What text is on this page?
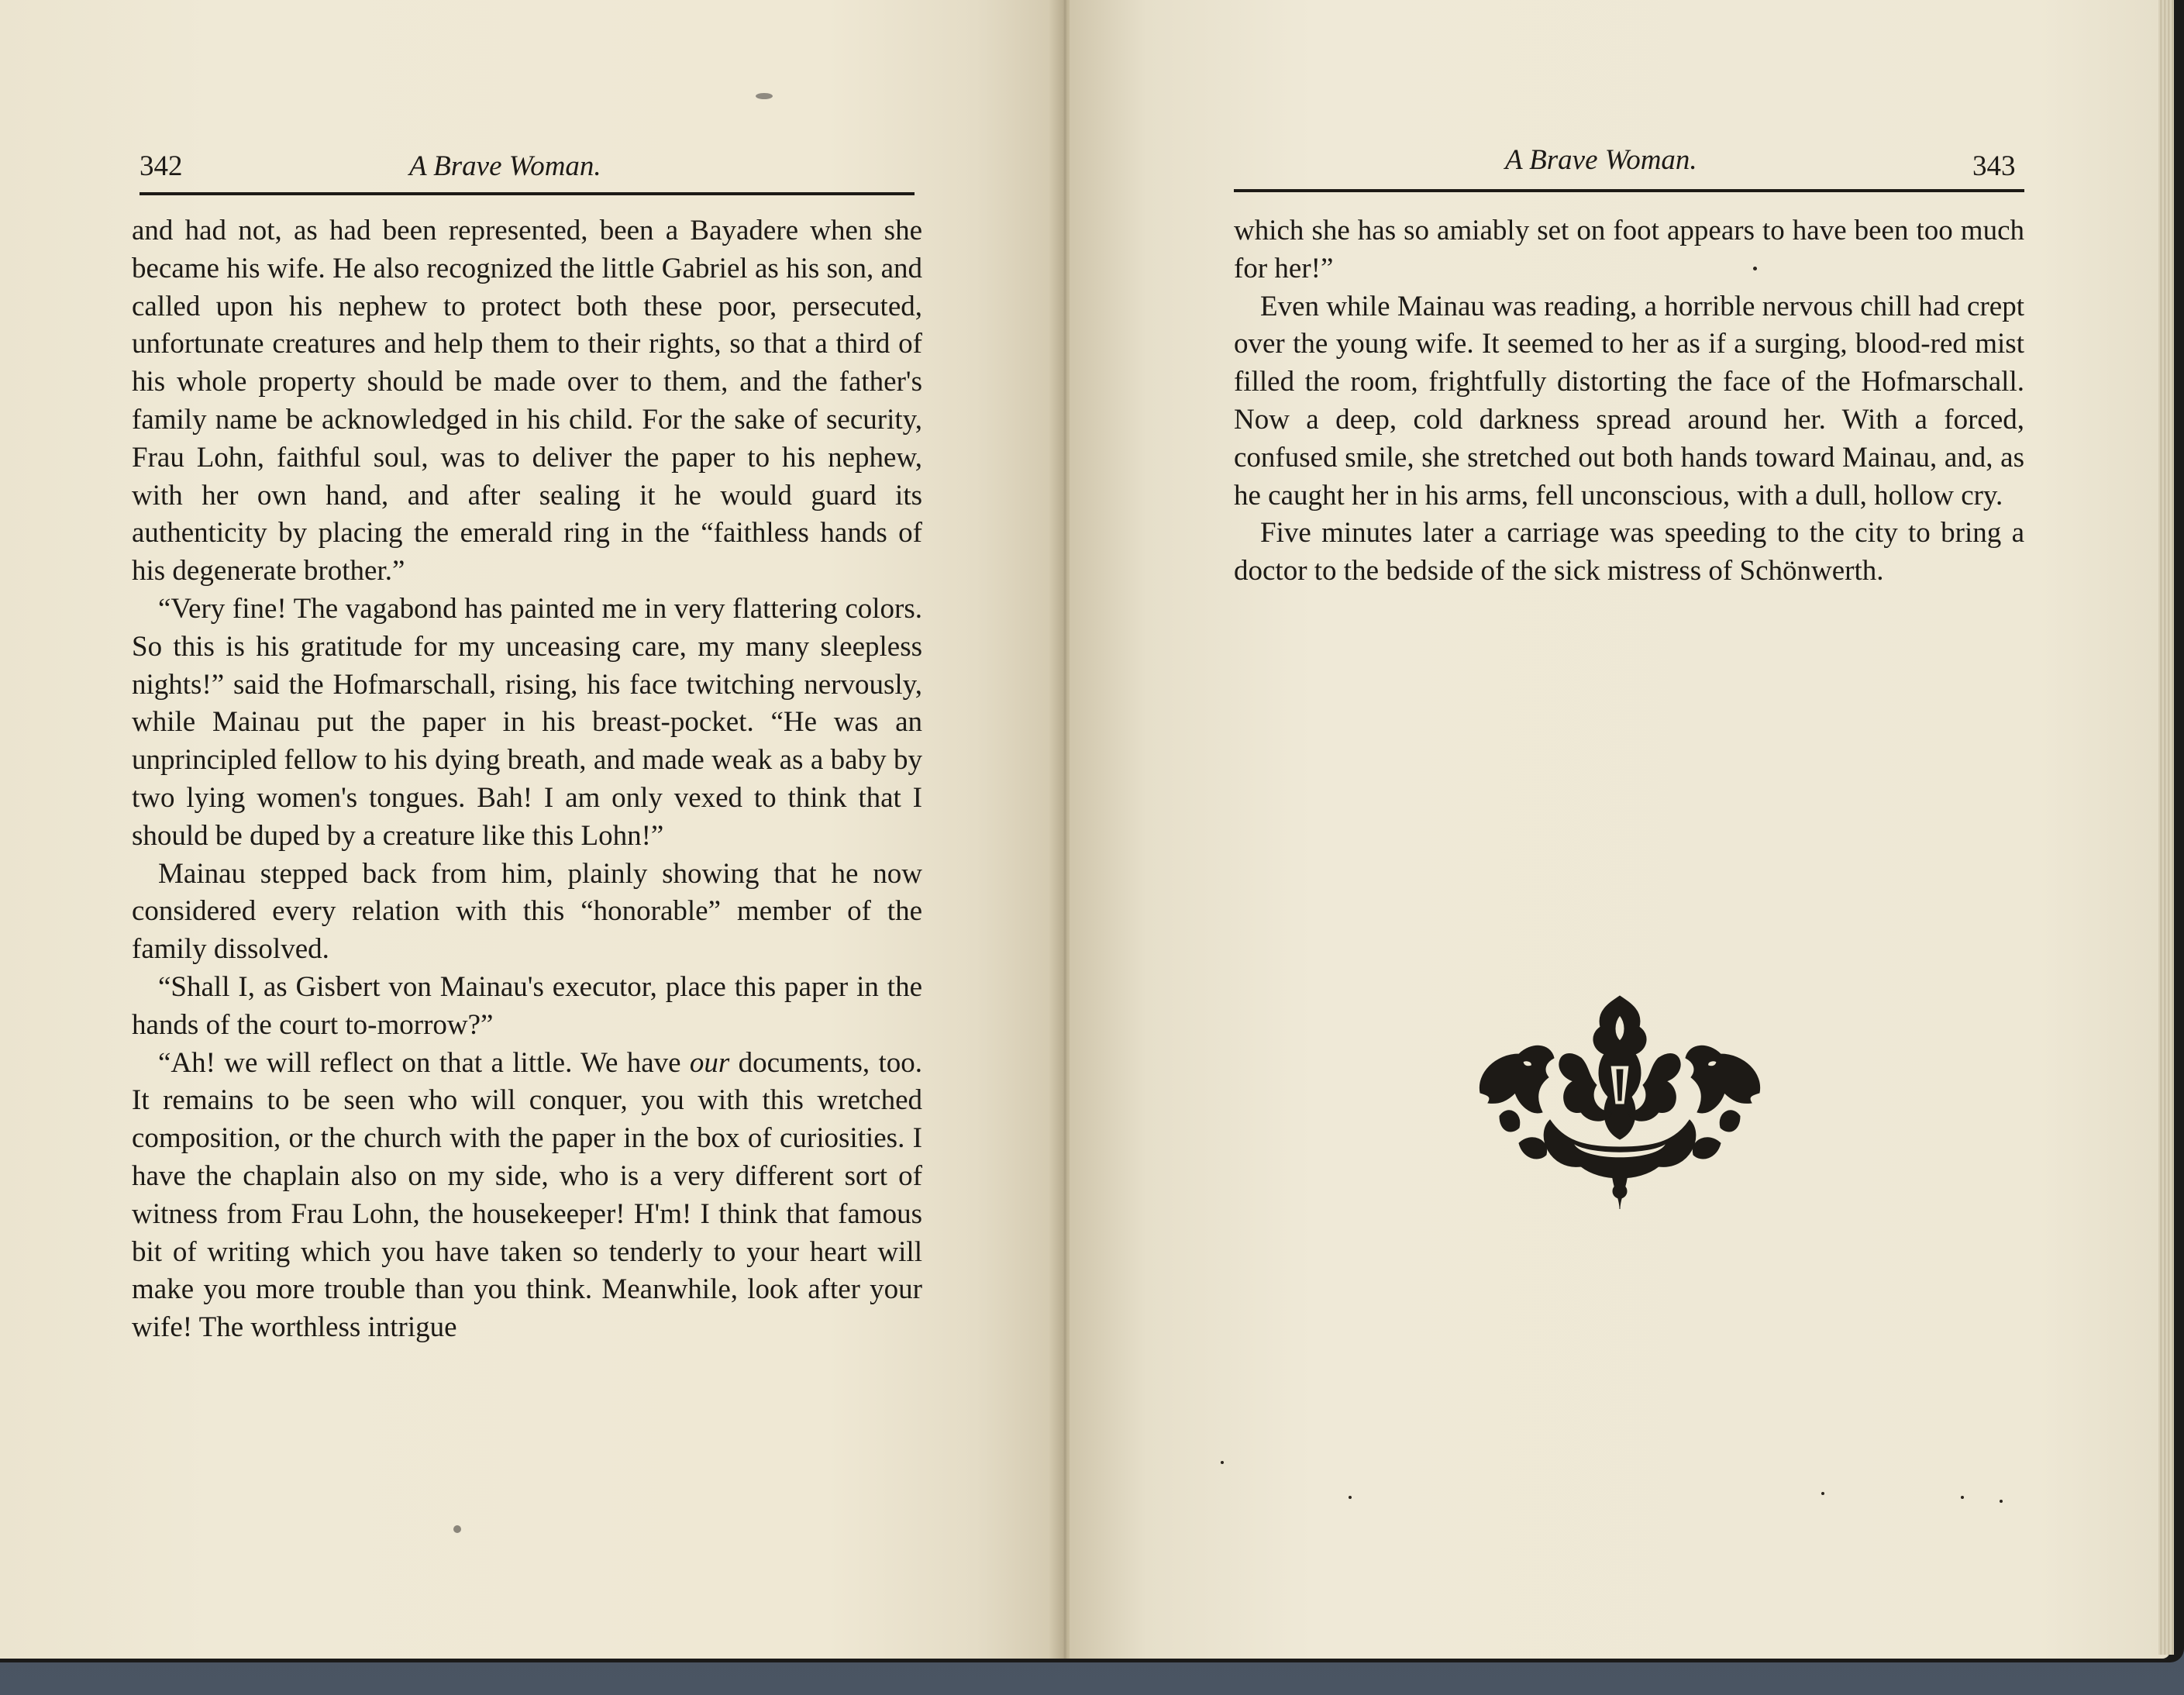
342	A Brave Woman.

and had not, as had been represented, been a Bayadere when she became his wife. He also recognized the little Gabriel as his son, and called upon his nephew to protect both these poor, persecuted, unfortunate creatures and help them to their rights, so that a third of his whole property should be made over to them, and the father's family name be acknowledged in his child. For the sake of security, Frau Lohn, faithful soul, was to deliver the paper to his nephew, with her own hand, and after sealing it he would guard its authenticity by placing the emerald ring in the “faithless hands of his degenerate brother.”

“Very fine! The vagabond has painted me in very flattering colors. So this is his gratitude for my unceasing care, my many sleepless nights!” said the Hofmarschall, rising, his face twitching nervously, while Mainau put the paper in his breast-pocket. “He was an unprincipled fellow to his dying breath, and made weak as a baby by two lying women's tongues. Bah! I am only vexed to think that I should be duped by a creature like this Lohn!”

Mainau stepped back from him, plainly showing that he now considered every relation with this “honorable” member of the family dissolved.

“Shall I, as Gisbert von Mainau's executor, place this paper in the hands of the court to-morrow?”

“Ah! we will reflect on that a little. We have our documents, too. It remains to be seen who will conquer, you with this wretched composition, or the church with the paper in the box of curiosities. I have the chaplain also on my side, who is a very different sort of witness from Frau Lohn, the housekeeper! H'm! I think that famous bit of writing which you have taken so tenderly to your heart will make you more trouble than you think. Meanwhile, look after your wife! The worthless intrigue

A Brave Woman.	343

which she has so amiably set on foot appears to have been too much for her!”

Even while Mainau was reading, a horrible nervous chill had crept over the young wife. It seemed to her as if a surging, blood-red mist filled the room, frightfully distorting the face of the Hofmarschall. Now a deep, cold darkness spread around her. With a forced, confused smile, she stretched out both hands toward Mainau, and, as he caught her in his arms, fell unconscious, with a dull, hollow cry.

Five minutes later a carriage was speeding to the city to bring a doctor to the bedside of the sick mistress of Schönwerth.
